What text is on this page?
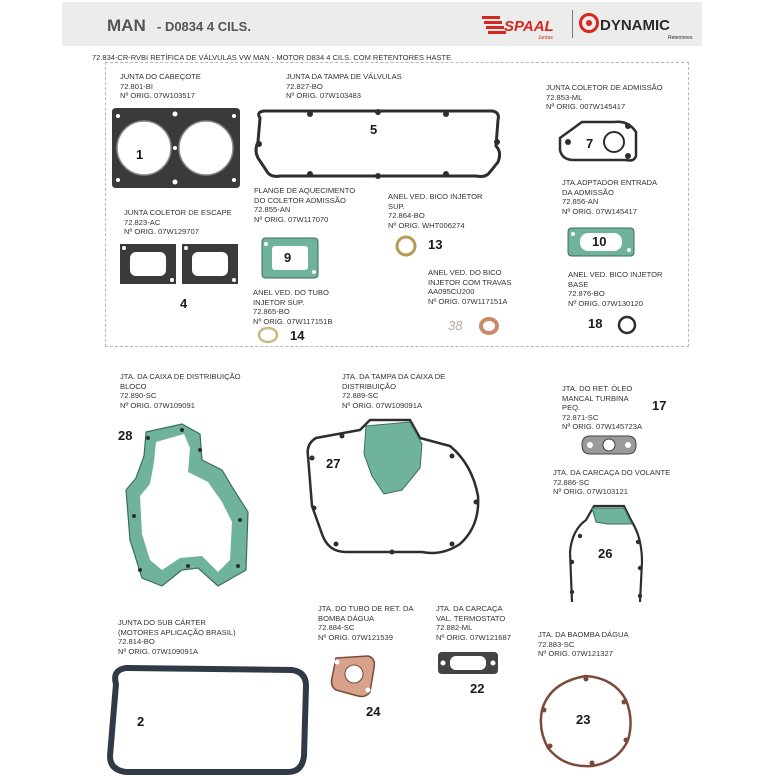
MAN - D0834 4 CILS.	SPAAL
Juntas
DYNAMIC
Retentores
72.834-CR-RVBI RETÍFICA DE VÁLVULAS VW MAN - MOTOR D834 4 CILS. COM RETENTORES HASTE
JUNTA DO CABEÇOTE
72.801-BI
Nº ORIG. 07W103517
1
JUNTA DA TAMPA DE VÁLVULAS
72.827-BO
Nº ORIG. 07W103483
5
JUNTA COLETOR DE ADMISSÃO
72.853-ML
Nº ORIG. 007W145417
7
FLANGE DE AQUECIMENTO
DO COLETOR ADMISSÃO
72.855-AN
Nº ORIG. 07W117070
9
ANEL VED. BICO INJETOR
SUP.
72.864-BO
Nº ORIG. WHT006274
13
JTA.ADPTADOR ENTRADA
DA ADMISSÃO
72.856-AN
Nº ORIG. 07W145417
10
JUNTA COLETOR DE ESCAPE
72.823-AC
Nº ORIG. 07W129707
4
ANEL VED. DO TUBO
INJETOR SUP.
72.865-BO
Nº ORIG. 07W117151B
14
ANEL VED. DO BICO
INJETOR COM TRAVAS
AA095CU200
Nº ORIG. 07W117151A
38
ANEL VED. BICO INJETOR
BASE
72.876-BO
Nº ORIG. 07W130120
18
JTA. DA CAIXA DE DISTRIBUIÇÃO
BLOCO
72.890-SC
Nº ORIG. 07W109091
28
JTA. DA TAMPA DA CAIXA DE
DISTRIBUIÇÃO
72.889-SC
Nº ORIG. 07W109091A
27
JTA. DO RET. ÓLEO
MANCAL TURBINA
PEQ.
72.871-SC
Nº ORIG. 07W145723A
17
JTA. DA CARCAÇA DO VOLANTE
72.886-SC
Nº ORIG. 07W103121
26
JUNTA DO SUB CÁRTER
(MOTORES APLICAÇÃO BRASIL)
72.814-BO
Nº ORIG. 07W109091A
2
JTA. DO TUBO DE RET. DA
BOMBA DÁGUA
72.884-SC
Nº ORIG. 07W121539
24
JTA. DA CARCAÇA
VAL. TERMOSTATO
72.882-ML
Nº ORIG. 07W121687
22
JTA. DA BAOMBA DÁGUA
72.883-SC
Nº ORIG. 07W121327
23
